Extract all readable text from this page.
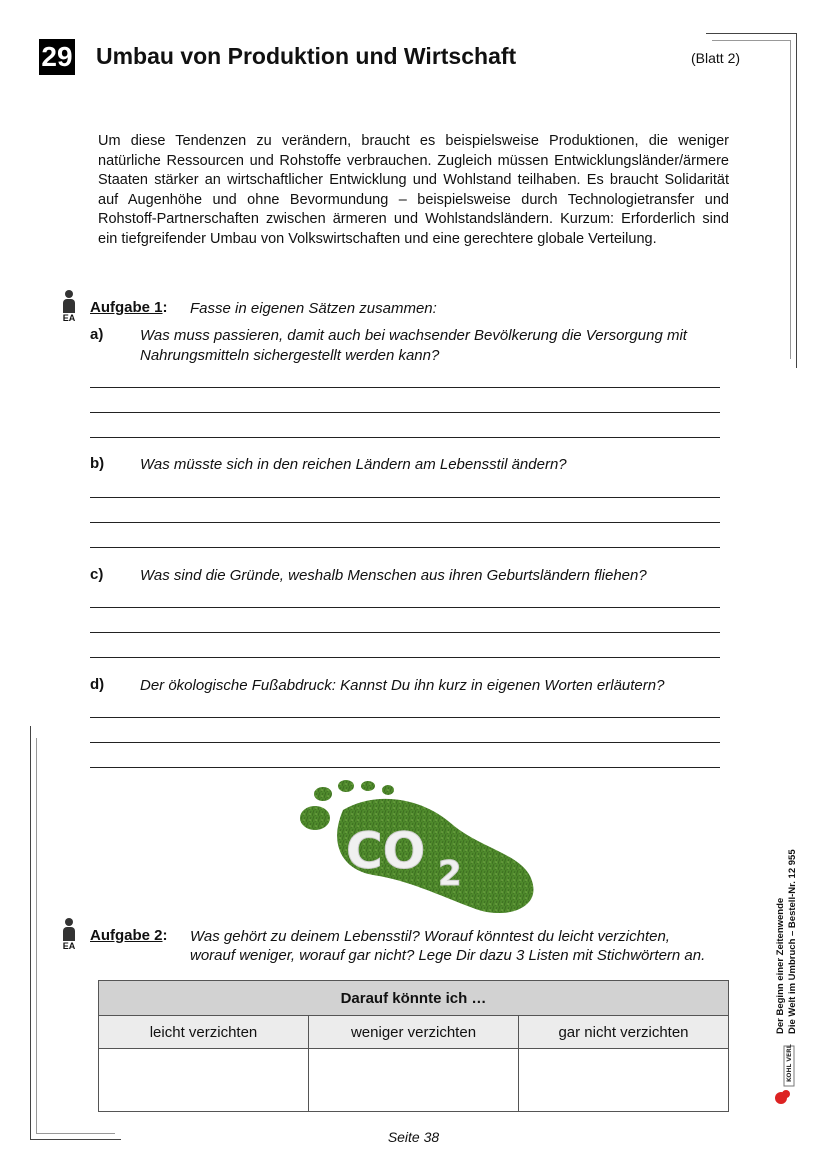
29 Umbau von Produktion und Wirtschaft	(Blatt 2)
Um diese Tendenzen zu verändern, braucht es beispielsweise Produktionen, die weniger natürliche Ressourcen und Rohstoffe verbrauchen. Zugleich müssen Entwicklungsländer/ärmere Staaten stärker an wirtschaftlicher Entwicklung und Wohlstand teilhaben. Es braucht Solidarität auf Augenhöhe und ohne Bevormundung – beispielsweise durch Technologietransfer und Rohstoff-Partnerschaften zwischen ärmeren und Wohlstandsländern. Kurzum: Erforderlich sind ein tiefgreifender Umbau von Volkswirtschaften und eine gerechtere globale Verteilung.
EA
Aufgabe 1: Fasse in eigenen Sätzen zusammen:
a) Was muss passieren, damit auch bei wachsender Bevölkerung die Versorgung mit Nahrungsmitteln sichergestellt werden kann?
b) Was müsste sich in den reichen Ländern am Lebensstil ändern?
c) Was sind die Gründe, weshalb Menschen aus ihren Geburtsländern fliehen?
d) Der ökologische Fußabdruck: Kannst Du ihn kurz in eigenen Worten erläutern?
CO 2
EA
Aufgabe 2: Was gehört zu deinem Lebensstil? Worauf könntest du leicht verzichten,
worauf weniger, worauf gar nicht? Lege Dir dazu 3 Listen mit Stichwörtern an.
Darauf könnte ich …		
leicht verzichten	weniger verzichten	gar nicht verzichten
			Der Beginn einer Zeitenwende Die Welt im Umbruch – Bestell-Nr. 12 955
KOHL VERLAG
Seite 38
